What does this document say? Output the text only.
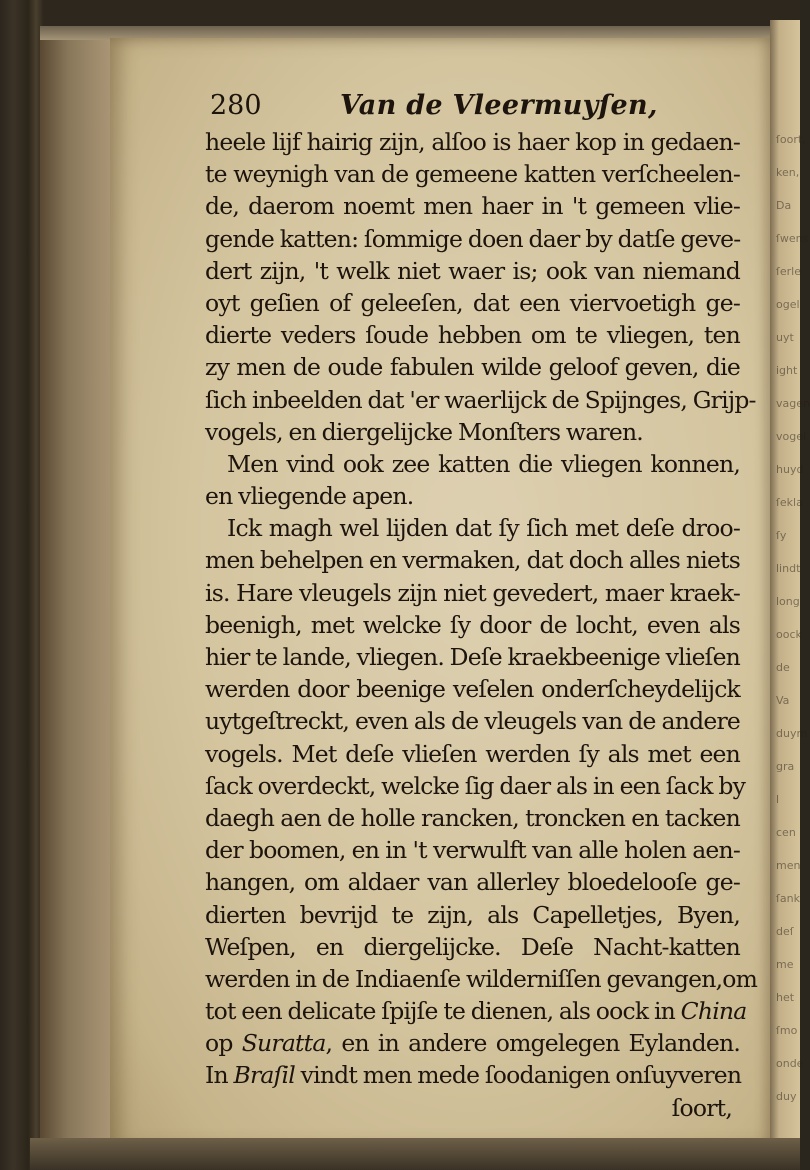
ſoort,
ken,
Da
ſwens
ſerle
ogel
uyt
ight
vagen
vogel
huyd
ſekla
ſy
lindt
long
oock
de
Va
duym
gra
l
cen
men
ſank
deſ
me
het
ſmo
onde
duy
280	Van de Vleermuyſen,
heele lijf hairig zijn, alſoo is haer kop in gedaen-
te weynigh van de gemeene katten verſcheelen-
de, daerom noemt men haer in 't gemeen vlie-
gende katten: ſommige doen daer by datſe geve-
dert zijn, 't welk niet waer is; ook van niemand
oyt geſien of geleeſen, dat een viervoetigh ge-
dierte veders ſoude hebben om te vliegen, ten
zy men de oude fabulen wilde geloof geven, die
ſich inbeelden dat 'er waerlijck de Spijnges, Grijp-
vogels, en diergelijcke Monſters waren.
Men vind ook zee katten die vliegen konnen,
en vliegende apen.
Ick magh wel lijden dat ſy ſich met deſe droo-
men behelpen en vermaken, dat doch alles niets
is. Hare vleugels zijn niet gevedert, maer kraek-
beenigh, met welcke ſy door de locht, even als
hier te lande, vliegen. Deſe kraekbeenige vlieſen
werden door beenige veſelen onderſcheydelijck
uytgeſtreckt, even als de vleugels van de andere
vogels. Met deſe vlieſen werden ſy als met een
ſack overdeckt, welcke ſig daer als in een ſack by
daegh aen de holle rancken, troncken en tacken
der boomen, en in 't verwulft van alle holen aen-
hangen, om aldaer van allerley bloedelooſe ge-
dierten bevrijd te zijn, als Capelletjes, Byen,
Weſpen, en diergelijcke. Deſe Nacht-katten
werden in de Indiaenſe wilderniſſen gevangen,om
tot een delicate ſpijſe te dienen, als oock in China
op Suratta, en in andere omgelegen Eylanden.
In Braſil vindt men mede ſoodanigen onſuyveren
ſoort,
